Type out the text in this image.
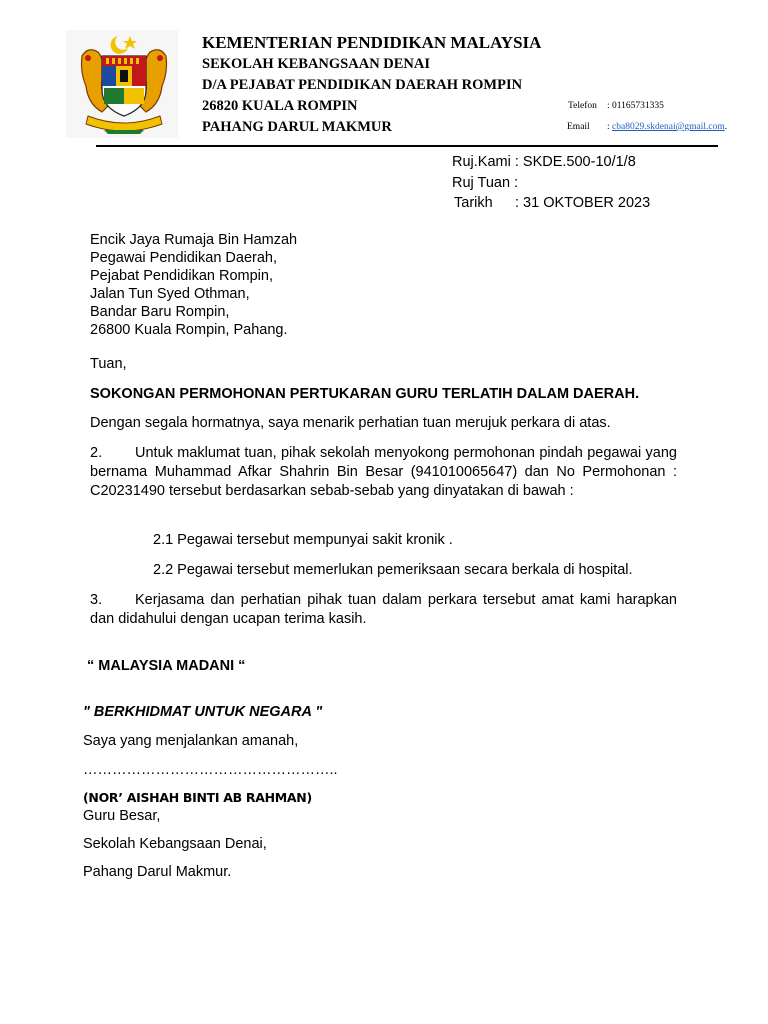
KEMENTERIAN PENDIDIKAN MALAYSIA
SEKOLAH KEBANGSAAN DENAI
D/A PEJABAT PENDIDIKAN DAERAH ROMPIN
26820 KUALA ROMPIN
PAHANG DARUL MAKMUR
Telefon : 01165731335
Email : cba8029.skdenai@gmail.com.
Ruj.Kami : SKDE.500-10/1/8
Ruj Tuan :
Tarikh : 31 OKTOBER 2023
Encik Jaya Rumaja Bin Hamzah
Pegawai Pendidikan Daerah,
Pejabat Pendidikan Rompin,
Jalan Tun Syed Othman,
Bandar Baru Rompin,
26800 Kuala Rompin, Pahang.
Tuan,
SOKONGAN PERMOHONAN PERTUKARAN GURU TERLATIH DALAM DAERAH.
Dengan segala hormatnya, saya menarik perhatian tuan merujuk perkara di atas.
2. Untuk maklumat tuan, pihak sekolah menyokong permohonan pindah pegawai yang bernama Muhammad Afkar Shahrin Bin Besar (941010065647) dan No Permohonan : C20231490 tersebut berdasarkan sebab-sebab yang dinyatakan di bawah :
2.1 Pegawai tersebut mempunyai sakit kronik .
2.2 Pegawai tersebut memerlukan pemeriksaan secara berkala di hospital.
3. Kerjasama dan perhatian pihak tuan dalam perkara tersebut amat kami harapkan dan didahului dengan ucapan terima kasih.
“ MALAYSIA MADANI “
" BERKHIDMAT UNTUK NEGARA "
Saya yang menjalankan amanah,
……………………………………………..
(NOR’ AISHAH BINTI AB RAHMAN)
Guru Besar,
Sekolah Kebangsaan Denai,
Pahang Darul Makmur.
